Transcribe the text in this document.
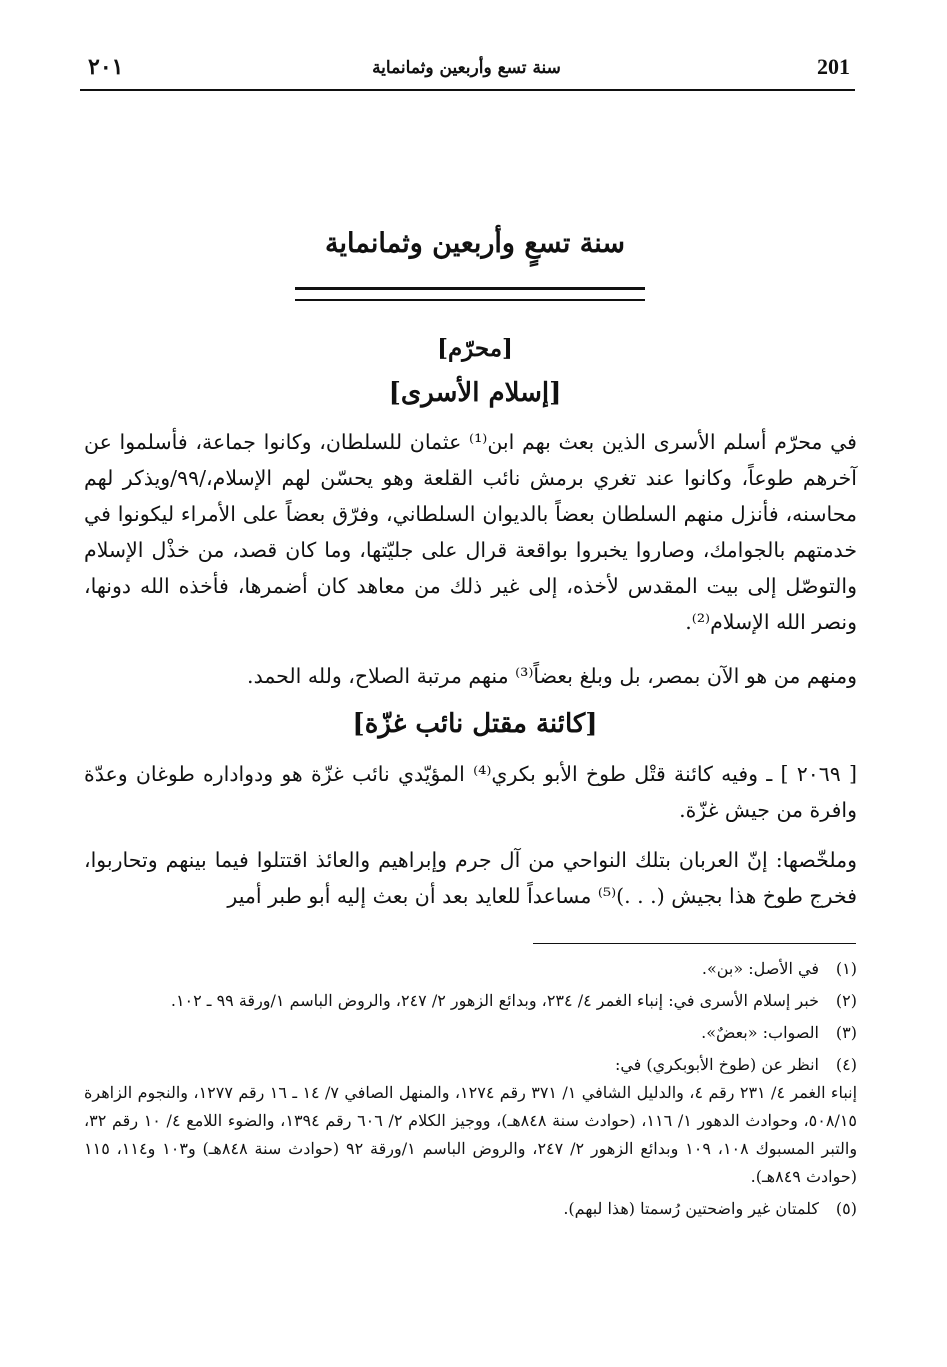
201
سنة تسع وأربعين وثمانماية
٢٠١
سنة تسعٍ وأربعين وثمانماية
[محرّم]
[إسلام الأسرى]

في محرّم أسلم الأسرى الذين بعث بهم ابن⁽¹⁾ عثمان للسلطان، وكانوا جماعة، فأسلموا عن آخرهم طوعاً، وكانوا عند تغري برمش نائب القلعة وهو يحسّن لهم الإسلام،/٩٩/ويذكر لهم محاسنه، فأنزل منهم السلطان بعضاً بالديوان السلطاني، وفرّق بعضاً على الأمراء ليكونوا في خدمتهم بالجوامك، وصاروا يخبروا بواقعة قرال على جليّتها، وما كان قصد، من خذْل الإسلام والتوصّل إلى بيت المقدس لأخذه، إلى غير ذلك من معاهد كان أضمرها، فأخذه الله دونها، ونصر الله الإسلام⁽²⁾.

ومنهم من هو الآن بمصر، بل وبلغ بعضاً⁽³⁾ منهم مرتبة الصلاح، ولله الحمد.

[كائنة مقتل نائب غزّة]

[ ٢٠٦٩ ] ـ وفيه كائنة قتْل طوخ الأبو بكري⁽⁴⁾ المؤيّدي نائب غزّة هو ودواداره طوغان وعدّة وافرة من جيش غزّة.

وملخّصها: إنّ العربان بتلك النواحي من آل جرم وإبراهيم والعائذ اقتتلوا فيما بينهم وتحاربوا، فخرج طوخ هذا بجيش (. . .)⁽⁵⁾ مساعداً للعايد بعد أن بعث إليه أبو طبر أمير

(١)
في الأصل: «بن».
(٢)
خبر إسلام الأسرى في: إنباء الغمر ٤/ ٢٣٤، وبدائع الزهور ٢/ ٢٤٧، والروض الباسم ١/ورقة ٩٩ ـ ١٠٢.
(٣)
الصواب: «بعضٌ».
(٤)
انظر عن (طوخ الأبوبكري) في:
إنباء الغمر ٤/ ٢٣١ رقم ٤، والدليل الشافي ١/ ٣٧١ رقم ١٢٧٤، والمنهل الصافي ٧/ ١٤ ـ ١٦ رقم ١٢٧٧، والنجوم الزاهرة ٥٠٨/١٥، وحوادث الدهور ١/ ١١٦، (حوادث سنة ٨٤٨هـ)، ووجيز الكلام ٢/ ٦٠٦ رقم ١٣٩٤، والضوء اللامع ٤/ ١٠ رقم ٣٢، والتبر المسبوك ١٠٨، ١٠٩ وبدائع الزهور ٢/ ٢٤٧، والروض الباسم ١/ورقة ٩٢ (حوادث سنة ٨٤٨هـ) و١٠٣ و١١٤، ١١٥ (حوادث ٨٤٩هـ).
(٥)
كلمتان غير واضحتين رُسمتا (هذا لبهم).
